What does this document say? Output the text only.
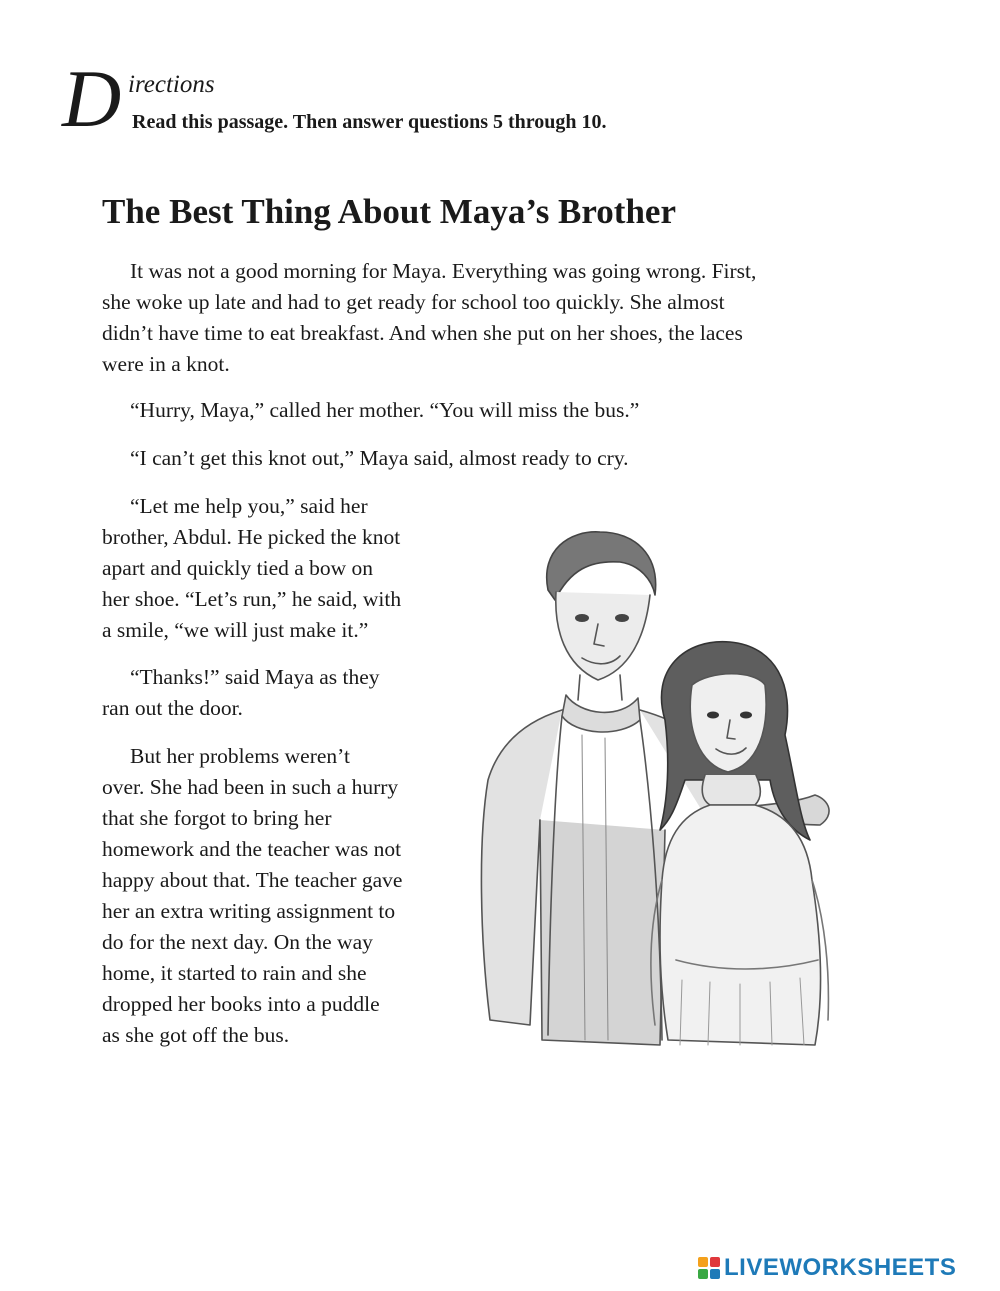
D irections
Read this passage. Then answer questions 5 through 10.
The Best Thing About Maya’s Brother
It was not a good morning for Maya. Everything was going wrong. First,
she woke up late and had to get ready for school too quickly. She almost
didn’t have time to eat breakfast. And when she put on her shoes, the laces
were in a knot.
“Hurry, Maya,” called her mother. “You will miss the bus.”
“I can’t get this knot out,” Maya said, almost ready to cry.
“Let me help you,” said her
brother, Abdul. He picked the knot
apart and quickly tied a bow on
her shoe. “Let’s run,” he said, with
a smile, “we will just make it.”
“Thanks!” said Maya as they
ran out the door.
But her problems weren’t
over. She had been in such a hurry
that she forgot to bring her
homework and the teacher was not
happy about that. The teacher gave
her an extra writing assignment to
do for the next day. On the way
home, it started to rain and she
dropped her books into a puddle
as she got off the bus.
LIVEWORKSHEETS
